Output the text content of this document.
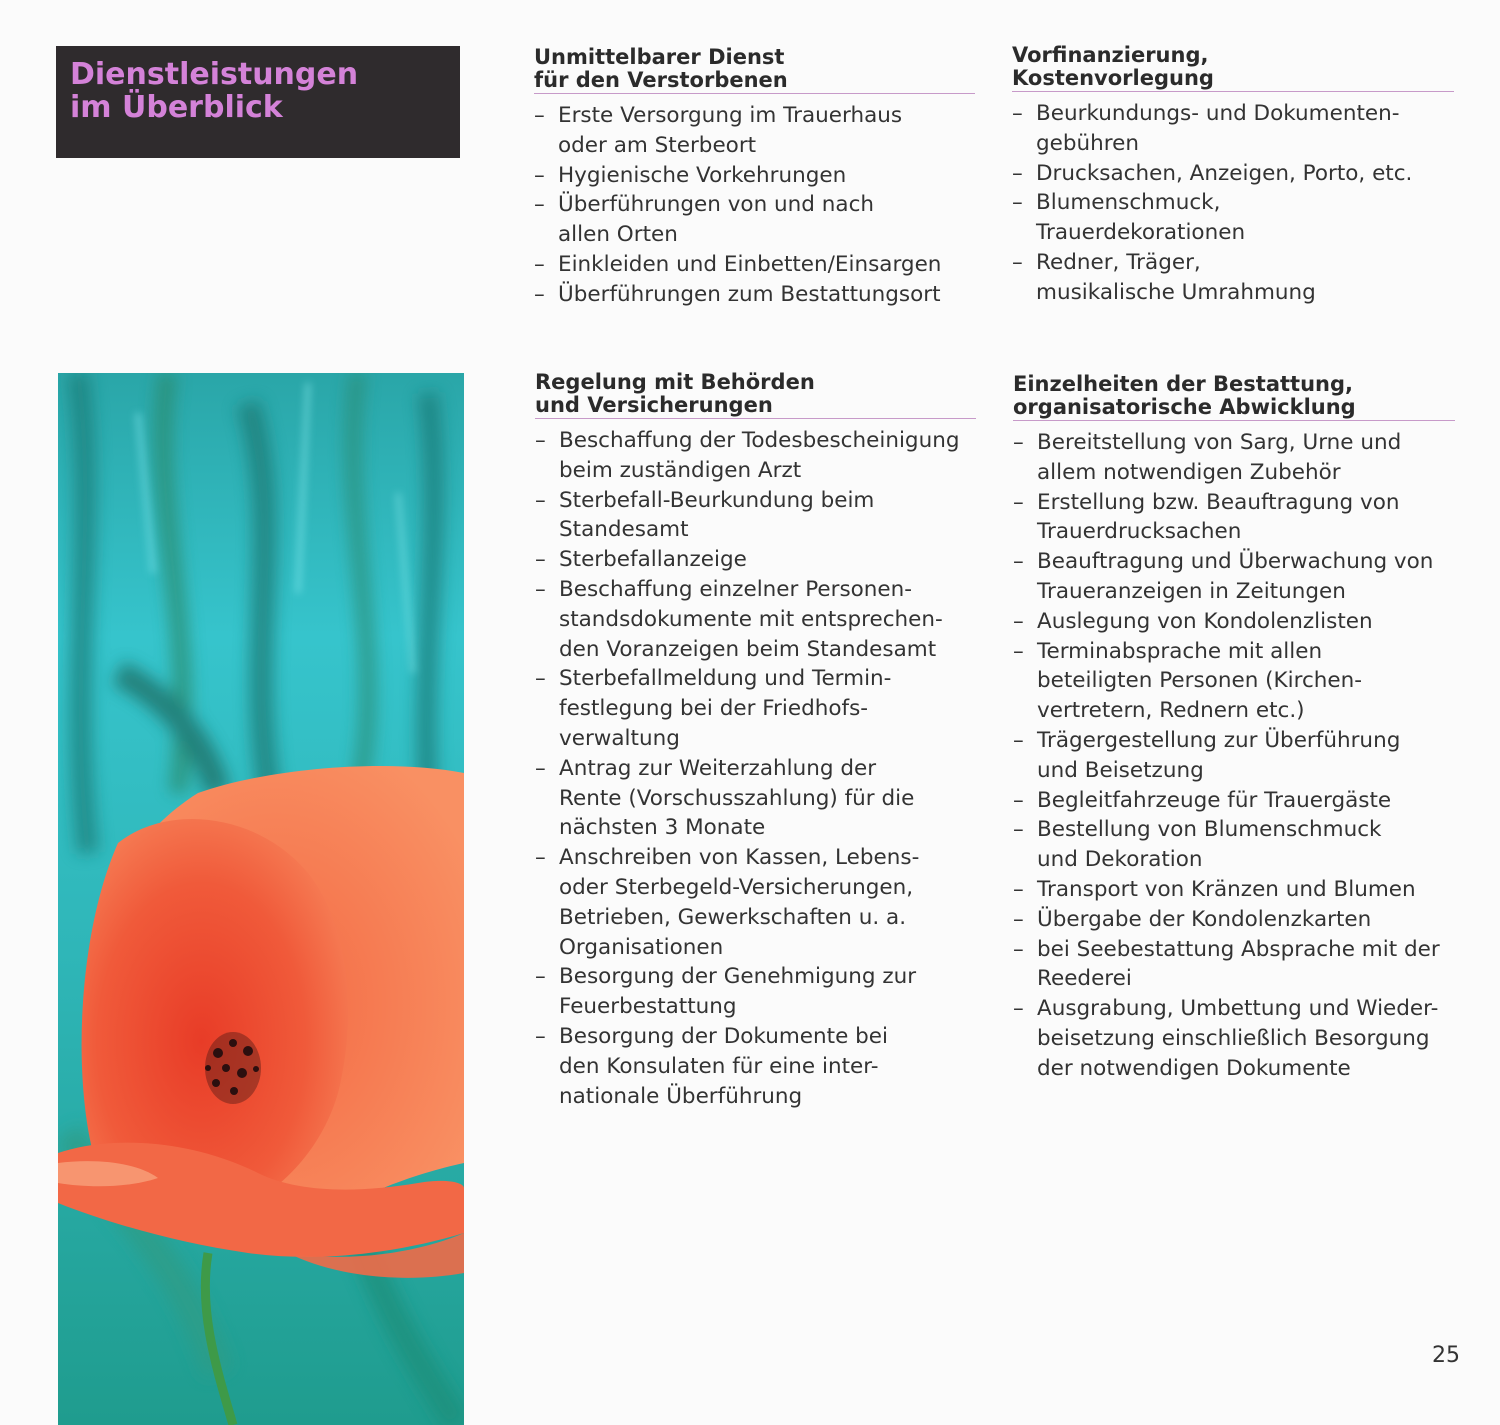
Dienstleistungen
im Überblick
Unmittelbarer Dienst
für den Verstorbenen
– Erste Versorgung im Trauerhaus
oder am Sterbeort
– Hygienische Vorkehrungen
– Überführungen von und nach
allen Orten
– Einkleiden und Einbetten/Einsargen
– Überführungen zum Bestattungsort
Vorfinanzierung,
Kostenvorlegung
– Beurkundungs- und Dokumenten-
gebühren
– Drucksachen, Anzeigen, Porto, etc.
– Blumenschmuck,
Trauerdekorationen
– Redner, Träger,
musikalische Umrahmung
Regelung mit Behörden
und Versicherungen
– Beschaffung der Todesbescheinigung
beim zuständigen Arzt
– Sterbefall-Beurkundung beim
Standesamt
– Sterbefallanzeige
– Beschaffung einzelner Personen-
standsdokumente mit entsprechen-
den Voranzeigen beim Standesamt
– Sterbefallmeldung und Termin-
festlegung bei der Friedhofs-
verwaltung
– Antrag zur Weiterzahlung der
Rente (Vorschusszahlung) für die
nächsten 3 Monate
– Anschreiben von Kassen, Lebens-
oder Sterbegeld-Versicherungen,
Betrieben, Gewerkschaften u. a.
Organisationen
– Besorgung der Genehmigung zur
Feuerbestattung
– Besorgung der Dokumente bei
den Konsulaten für eine inter-
nationale Überführung
Einzelheiten der Bestattung,
organisatorische Abwicklung
– Bereitstellung von Sarg, Urne und
allem notwendigen Zubehör
– Erstellung bzw. Beauftragung von
Trauerdrucksachen
– Beauftragung und Überwachung von
Traueranzeigen in Zeitungen
– Auslegung von Kondolenzlisten
– Terminabsprache mit allen
beteiligten Personen (Kirchen-
vertretern, Rednern etc.)
– Trägergestellung zur Überführung
und Beisetzung
– Begleitfahrzeuge für Trauergäste
– Bestellung von Blumenschmuck
und Dekoration
– Transport von Kränzen und Blumen
– Übergabe der Kondolenzkarten
– bei Seebestattung Absprache mit der
Reederei
– Ausgrabung, Umbettung und Wieder-
beisetzung einschließlich Besorgung
der notwendigen Dokumente
25
